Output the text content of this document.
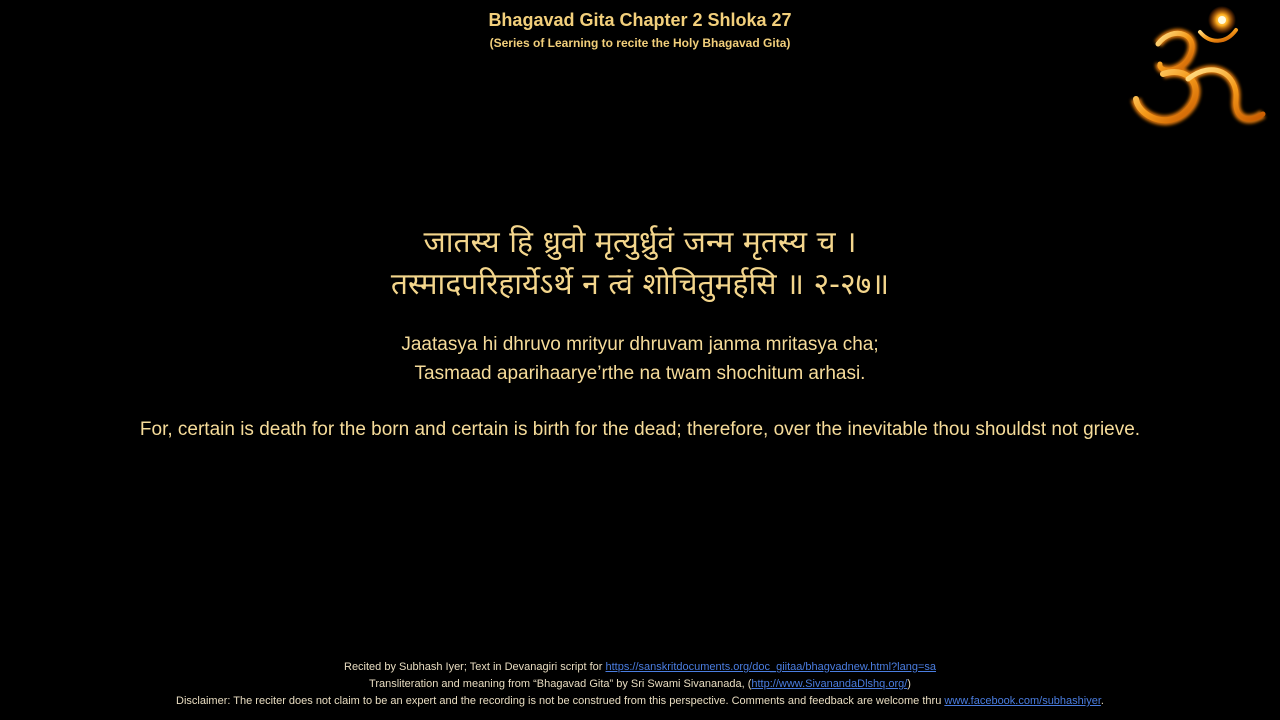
Bhagavad Gita Chapter 2 Shloka 27
(Series of Learning to recite the Holy Bhagavad Gita)
जातस्य हि ध्रुवो मृत्युर्ध्रुवं जन्म मृतस्य च ।
तस्मादपरिहार्येऽर्थे न त्वं शोचितुमर्हसि ॥ २-२७॥
Jaatasya hi dhruvo mrityur dhruvam janma mritasya cha;
Tasmaad aparihaarye’rthe na twam shochitum arhasi.
For, certain is death for the born and certain is birth for the dead; therefore, over the inevitable thou shouldst not grieve.
Recited by Subhash Iyer; Text in Devanagiri script for https://sanskritdocuments.org/doc_giitaa/bhagvadnew.html?lang=sa
Transliteration and meaning from “Bhagavad Gita” by Sri Swami Sivananada, (http://www.SivanandaDlshq.org/)
Disclaimer: The reciter does not claim to be an expert and the recording is not be construed from this perspective. Comments and feedback are welcome thru www.facebook.com/subhashiyer.
